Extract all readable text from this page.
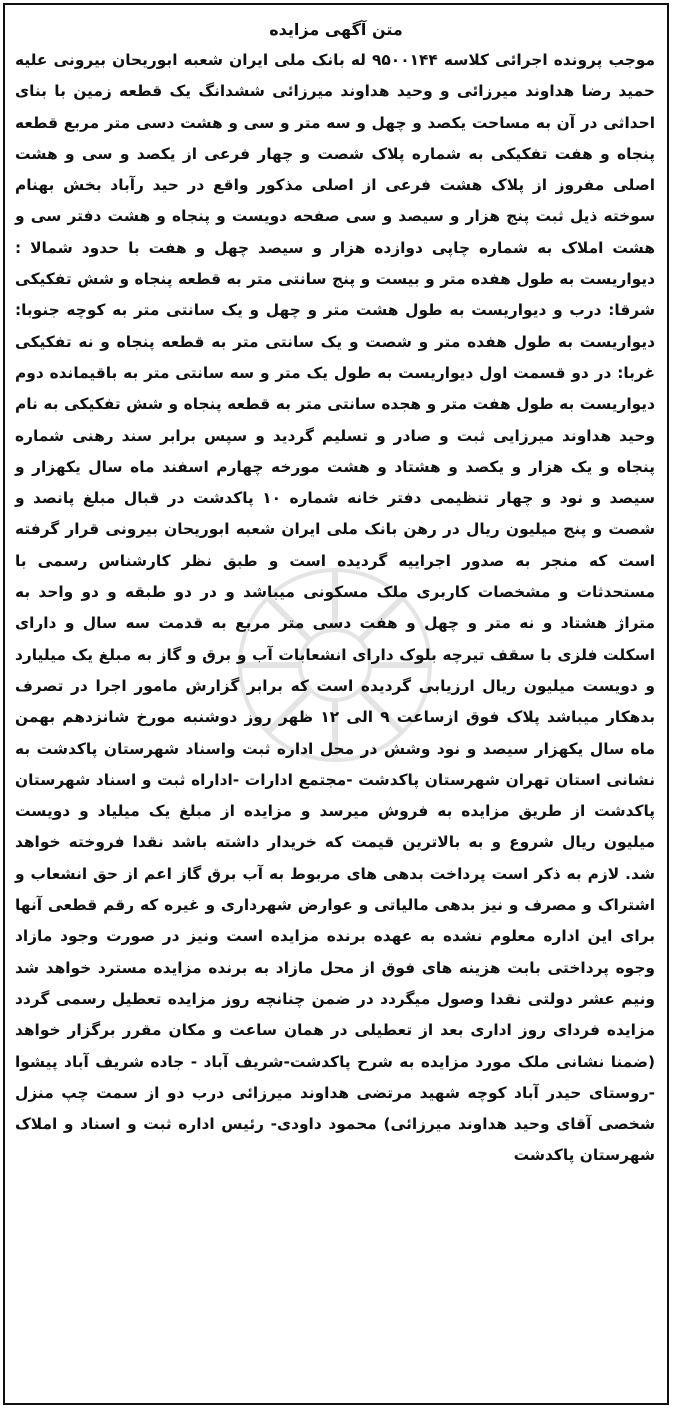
متن آگهی مزایده

موجب پرونده اجرائی کلاسه ۹۵۰۰۱۴۴ له بانک ملی ایران شعبه ابوریحان بیرونی علیه حمید رضا هداوند میرزائی و وحید هداوند میرزائی ششدانگ یک قطعه زمین با بنای احداثی در آن به مساحت یکصد و چهل و سه متر و سی و هشت دسی متر مربع قطعه پنجاه و هفت تفکیکی به شماره پلاک شصت و چهار فرعی از یکصد و سی و هشت اصلی مفروز از پلاک هشت فرعی از اصلی مذکور واقع در حید رآباد بخش بهنام سوخته ذیل ثبت پنج هزار و سیصد و سی صفحه دویست و پنجاه و هشت دفتر سی و هشت املاک به شماره چاپی دوازده هزار و سیصد چهل و هفت با حدود شمالا : دیواریست به طول هفده متر و بیست و پنج سانتی متر به قطعه پنجاه و شش تفکیکی شرقا: درب و دیواریست به طول هشت متر و چهل و یک سانتی متر به کوچه جنوبا: دیواریست به طول هفده متر و شصت و یک سانتی متر به قطعه پنجاه و نه تفکیکی غربا: در دو قسمت اول دیواریست به طول یک متر و سه سانتی متر به باقیمانده دوم دیواریست به طول هفت متر و هجده سانتی متر به قطعه پنجاه و شش تفکیکی به نام وحید هداوند میرزایی ثبت و صادر و تسلیم گردید و سپس برابر سند رهنی شماره پنجاه و یک هزار و یکصد و هشتاد و هشت مورخه چهارم اسفند ماه سال یکهزار و سیصد و نود و چهار تنظیمی دفتر خانه شماره ۱۰ پاکدشت در قبال مبلغ پانصد و شصت و پنج میلیون ریال در رهن بانک ملی ایران شعبه ابوریحان بیرونی قرار گرفته است که منجر به صدور اجراییه گردیده است و طبق نظر کارشناس رسمی با مستحدثات و مشخصات کاربری ملک مسکونی میباشد و در دو طبقه و دو واحد به متراژ هشتاد و نه متر و چهل و هفت دسی متر مربع به قدمت سه سال و دارای اسکلت فلزی با سقف تیرچه بلوک دارای انشعابات آب و برق و گاز به مبلغ یک میلیارد و دویست میلیون ریال ارزیابی گردیده است که برابر گزارش مامور اجرا در تصرف بدهکار میباشد پلاک فوق ازساعت ۹ الی ۱۲ ظهر روز دوشنبه مورخ شانزدهم بهمن ماه سال یکهزار سیصد و نود وشش در محل اداره ثبت واسناد شهرستان پاکدشت به نشانی استان تهران شهرستان پاکدشت -مجتمع ادارات -اداراه ثبت و اسناد شهرستان پاکدشت از طریق مزایده به فروش میرسد و مزایده از مبلغ یک میلیاد و دویست میلیون ریال شروع و به بالاترین قیمت که خریدار داشته باشد نقدا فروخته خواهد شد. لازم به ذکر است پرداخت بدهی های مربوط به آب برق گاز اعم از حق انشعاب و اشتراک و مصرف و نیز بدهی مالیاتی و عوارض شهرداری و غیره که رقم قطعی آنها برای این اداره معلوم نشده به عهده برنده مزایده است ونیز در صورت وجود مازاد وجوه پرداختی بابت هزینه های فوق از محل مازاد به برنده مزایده مسترد خواهد شد ونیم عشر دولتی نقدا وصول میگردد در ضمن چنانچه روز مزایده تعطیل رسمی گردد مزایده فردای روز اداری بعد از تعطیلی در همان ساعت و مکان مقرر برگزار خواهد (ضمنا نشانی ملک مورد مزایده به شرح پاکدشت-شریف آباد - جاده شریف آباد پیشوا -روستای حیدر آباد کوچه شهید مرتضی هداوند میرزائی درب دو از سمت چپ منزل شخصی آقای وحید هداوند میرزائی) محمود داودی- رئیس اداره ثبت و اسناد و املاک شهرستان پاکدشت
